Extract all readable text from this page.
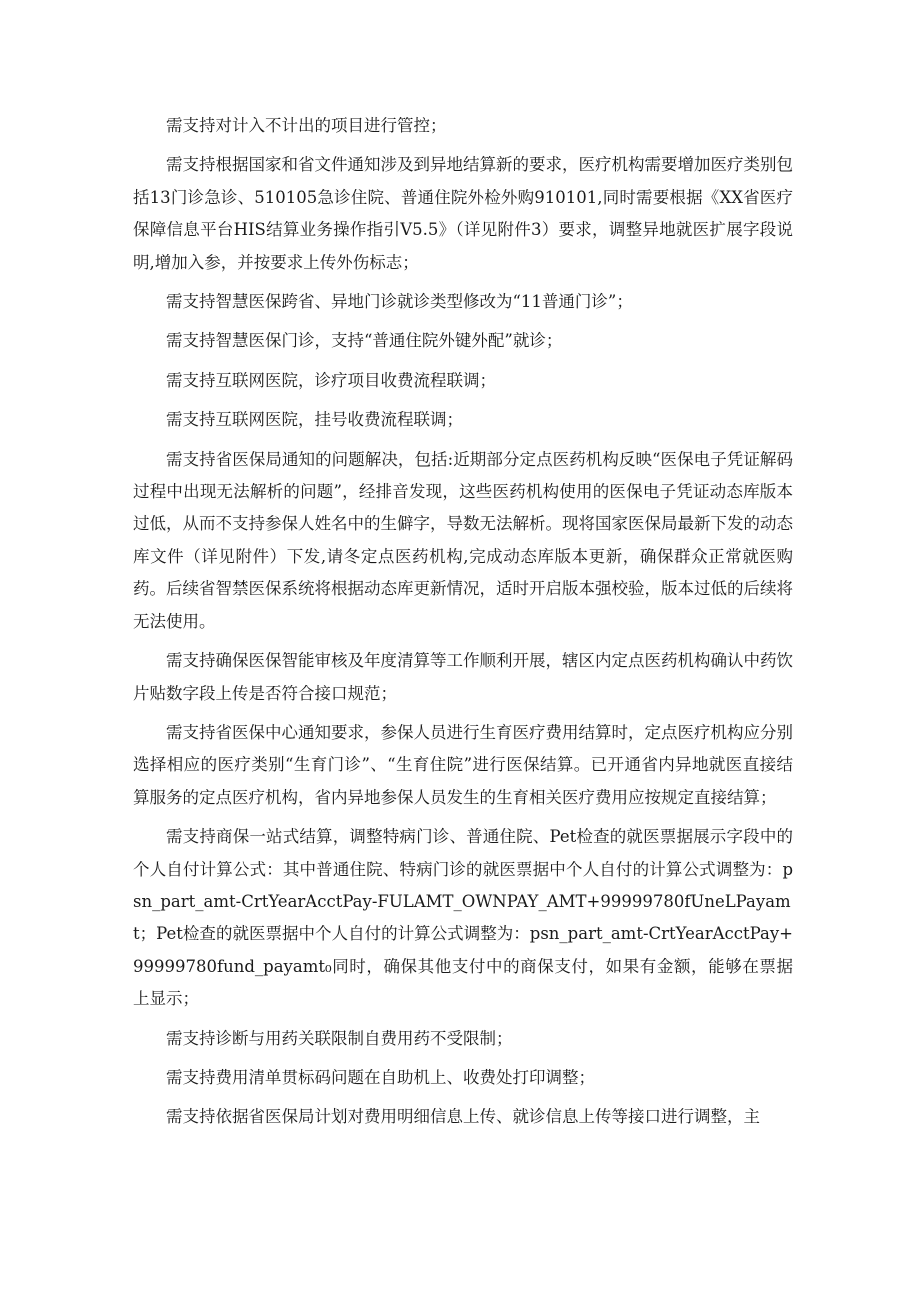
需支持对计入不计出的项目进行管控；

需支持根据国家和省文件通知涉及到异地结算新的要求，医疗机构需要增加医疗类别包括13门诊急诊、510105急诊住院、普通住院外检外购910101,同时需要根据《XX省医疗保障信息平台HIS结算业务操作指引V5.5》（详见附件3）要求，调整异地就医扩展字段说明,增加入参，并按要求上传外伤标志；

需支持智慧医保跨省、异地门诊就诊类型修改为“11普通门诊”；

需支持智慧医保门诊，支持“普通住院外键外配”就诊；

需支持互联网医院，诊疗项目收费流程联调；

需支持互联网医院，挂号收费流程联调；

需支持省医保局通知的问题解决，包括:近期部分定点医药机构反映“医保电子凭证解码过程中出现无法解析的问题”，经排音发现，这些医药机构使用的医保电子凭证动态库版本过低，从而不支持参保人姓名中的生僻字，导数无法解析。现将国家医保局最新下发的动态库文件（详见附件）下发,请冬定点医药机构,完成动态库版本更新，确保群众正常就医购药。后续省智禁医保系统将根据动态库更新情况，适时开启版本强校验，版本过低的后续将无法使用。

需支持确保医保智能审核及年度清算等工作顺利开展，辖区内定点医药机构确认中药饮片贴数字段上传是否符合接口规范；

需支持省医保中心通知要求，参保人员进行生育医疗费用结算时，定点医疗机构应分别选择相应的医疗类别“生育门诊”、“生育住院”进行医保结算。已开通省内异地就医直接结算服务的定点医疗机构，省内异地参保人员发生的生育相关医疗费用应按规定直接结算；

需支持商保一站式结算，调整特病门诊、普通住院、Pet检查的就医票据展示字段中的个人自付计算公式：其中普通住院、特病门诊的就医票据中个人自付的计算公式调整为：psn_part_amt-CrtYearAcctPay-FULAMT_OWNPAY_AMT+99999780fUneLPayamt；Pet检查的就医票据中个人自付的计算公式调整为：psn_part_amt-CrtYearAcctPay+99999780fund_payamt₀同时，确保其他支付中的商保支付，如果有金额，能够在票据上显示；

需支持诊断与用药关联限制自费用药不受限制；

需支持费用清单贯标码问题在自助机上、收费处打印调整；

需支持依据省医保局计划对费用明细信息上传、就诊信息上传等接口进行调整，主
